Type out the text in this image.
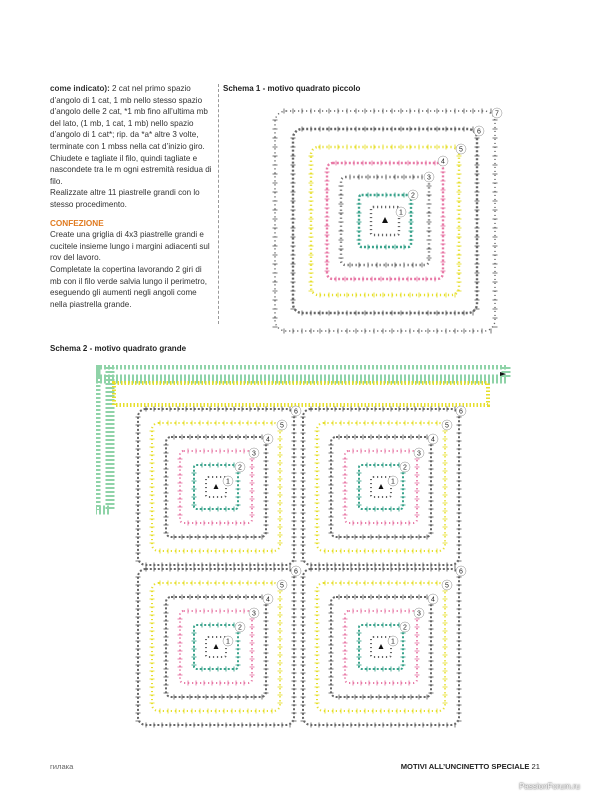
come indicato): 2 cat nel primo spazio d’angolo di 1 cat, 1 mb nello stesso spazio d’angolo delle 2 cat, *1 mb fino all’ultima mb del lato, (1 mb, 1 cat, 1 mb) nello spazio d’angolo di 1 cat*; rip. da *a* altre 3 volte, terminate con 1 mbss nella cat d’inizio giro.

Chiudete e tagliate il filo, quindi tagliate e nascondete tra le m ogni estremità residua di filo.

Realizzate altre 11 piastrelle grandi con lo stesso procedimento.

CONFEZIONE

Create una griglia di 4x3 piastrelle grandi e cucitele insieme lungo i margini adiacenti sul rov del lavoro.

Completate la copertina lavorando 2 giri di mb con il filo verde salvia lungo il perimetro, eseguendo gli aumenti negli angoli come nella piastrella grande.

Schema 1 - motivo quadrato piccolo
Schema 2 - motivo quadrato grande
1
2
3
4
5
6
7
1
2
3
4
5
6
1
2
3
4
5
6
1
2
3
4
5
6
1
2
3
4
5
6
гилака	MOTIVI ALL’UNCINETTO SPECIALE 21
PassionForum.ru
